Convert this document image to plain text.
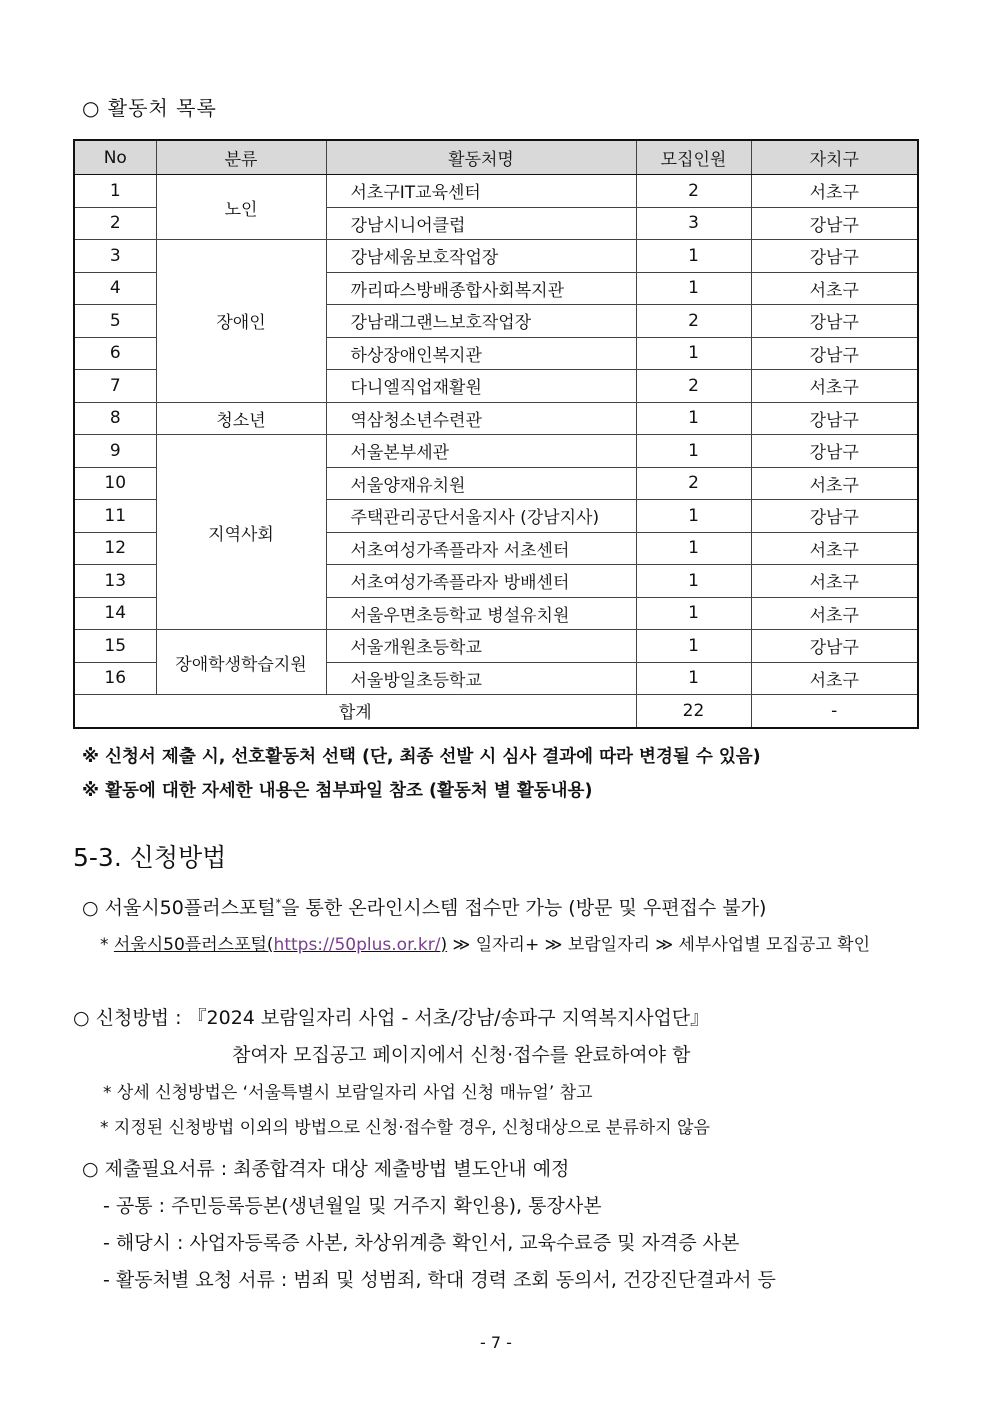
○ 활동처 목록
No	분류	활동처명	모집인원	자치구
1	노인	서초구IT교육센터	2	서초구
2		강남시니어클럽	3	강남구
3	장애인	강남세움보호작업장	1	강남구
4		까리따스방배종합사회복지관	1	서초구
5		강남래그랜느보호작업장	2	강남구
6		하상장애인복지관	1	강남구
7		다니엘직업재활원	2	서초구
8	청소년	역삼청소년수련관	1	강남구
9	지역사회	서울본부세관	1	강남구
10		서울양재유치원	2	서초구
11		주택관리공단서울지사 (강남지사)	1	강남구
12		서초여성가족플라자 서초센터	1	서초구
13		서초여성가족플라자 방배센터	1	서초구
14		서울우면초등학교 병설유치원	1	서초구
15	장애학생학습지원	서울개원초등학교	1	강남구
16		서울방일초등학교	1	서초구
합계			22	-
※ 신청서 제출 시, 선호활동처 선택 (단, 최종 선발 시 심사 결과에 따라 변경될 수 있음)
※ 활동에 대한 자세한 내용은 첨부파일 참조 (활동처 별 활동내용)
5-3. 신청방법
○ 서울시50플러스포털*을 통한 온라인시스템 접수만 가능 (방문 및 우편접수 불가)
* 서울시50플러스포털(https://50plus.or.kr/) ≫ 일자리+ ≫ 보람일자리 ≫ 세부사업별 모집공고 확인
○ 신청방법 : 『2024 보람일자리 사업 - 서초/강남/송파구 지역복지사업단』
참여자 모집공고 페이지에서 신청·접수를 완료하여야 함
* 상세 신청방법은 ‘서울특별시 보람일자리 사업 신청 매뉴얼’ 참고
* 지정된 신청방법 이외의 방법으로 신청·접수할 경우, 신청대상으로 분류하지 않음
○ 제출필요서류 : 최종합격자 대상 제출방법 별도안내 예정
- 공통 : 주민등록등본(생년월일 및 거주지 확인용), 통장사본
- 해당시 : 사업자등록증 사본, 차상위계층 확인서, 교육수료증 및 자격증 사본
- 활동처별 요청 서류 : 범죄 및 성범죄, 학대 경력 조회 동의서, 건강진단결과서 등
- 7 -
